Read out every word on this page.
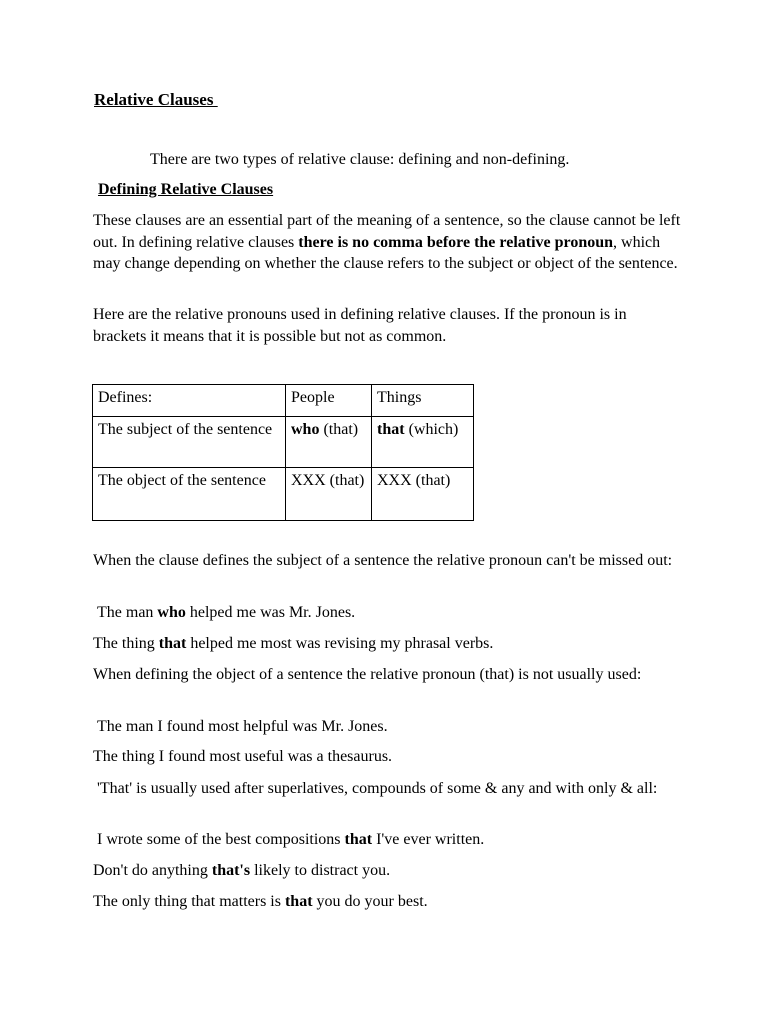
Relative Clauses
There are two types of relative clause: defining and non-defining.
Defining Relative Clauses
These clauses are an essential part of the meaning of a sentence, so the clause cannot be left out. In defining relative clauses there is no comma before the relative pronoun, which may change depending on whether the clause refers to the subject or object of the sentence.
Here are the relative pronouns used in defining relative clauses. If the pronoun is in brackets it means that it is possible but not as common.
Defines:	People	Things
The subject of the sentence	who (that)	that (which)
The object of the sentence	XXX (that)	XXX (that)
When the clause defines the subject of a sentence the relative pronoun can't be missed out:
The man who helped me was Mr. Jones.
The thing that helped me most was revising my phrasal verbs.
When defining the object of a sentence the relative pronoun (that) is not usually used:
The man I found most helpful was Mr. Jones.
The thing I found most useful was a thesaurus.
'That' is usually used after superlatives, compounds of some & any and with only & all:
I wrote some of the best compositions that I've ever written.
Don't do anything that's likely to distract you.
The only thing that matters is that you do your best.
